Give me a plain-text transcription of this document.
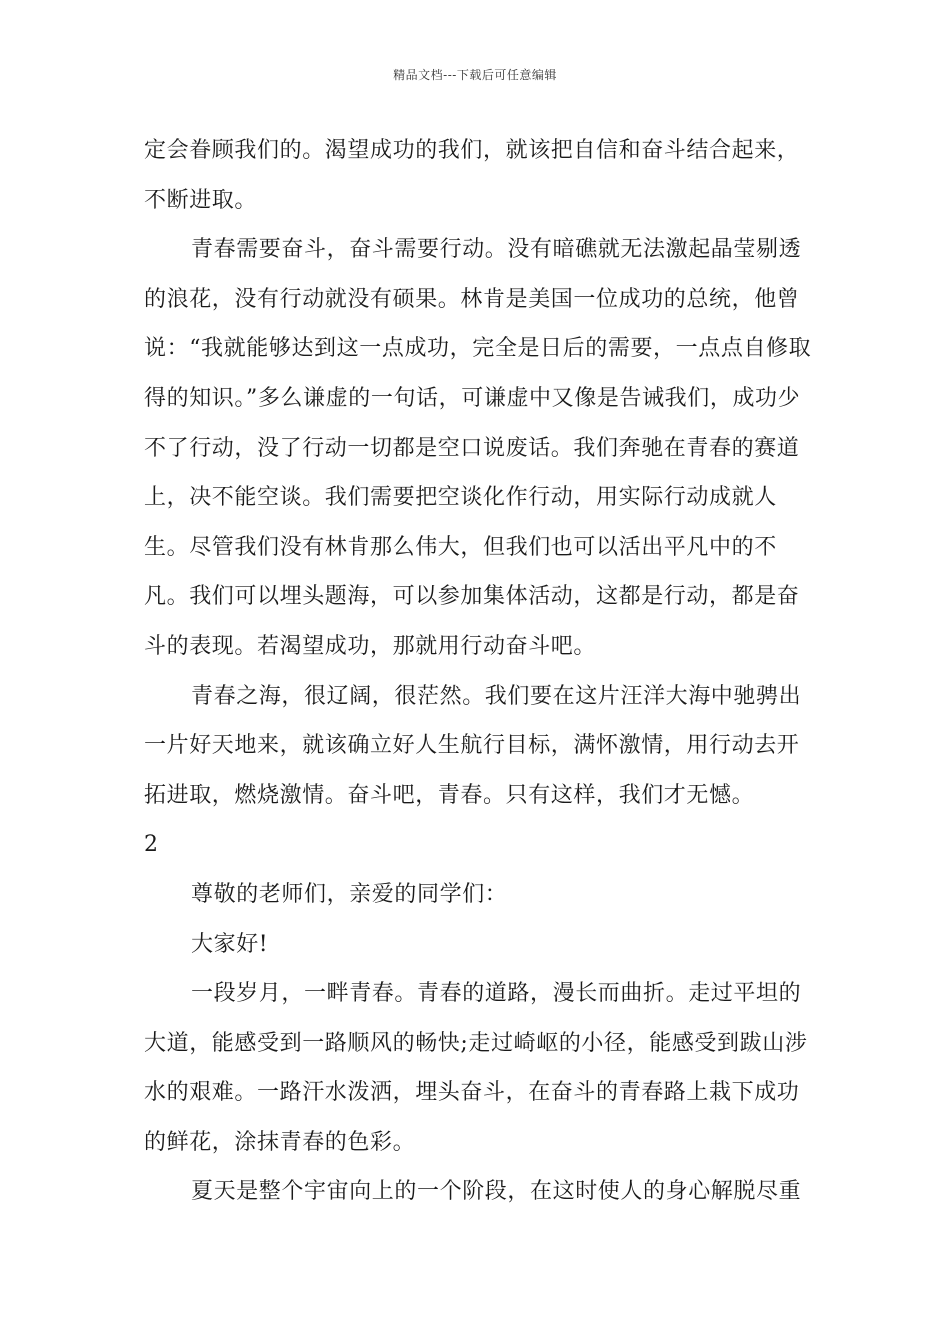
精品文档---下载后可任意编辑

定会眷顾我们的。渴望成功的我们，就该把自信和奋斗结合起来，不断进取。

青春需要奋斗，奋斗需要行动。没有暗礁就无法激起晶莹剔透的浪花，没有行动就没有硕果。林肯是美国一位成功的总统，他曾说：“我就能够达到这一点成功，完全是日后的需要，一点点自修取得的知识。”多么谦虚的一句话，可谦虚中又像是告诫我们，成功少不了行动，没了行动一切都是空口说废话。我们奔驰在青春的赛道上，决不能空谈。我们需要把空谈化作行动，用实际行动成就人生。尽管我们没有林肯那么伟大，但我们也可以活出平凡中的不凡。我们可以埋头题海，可以参加集体活动，这都是行动，都是奋斗的表现。若渴望成功，那就用行动奋斗吧。

青春之海，很辽阔，很茫然。我们要在这片汪洋大海中驰骋出一片好天地来，就该确立好人生航行目标，满怀激情，用行动去开拓进取，燃烧激情。奋斗吧，青春。只有这样，我们才无憾。

2

尊敬的老师们，亲爱的同学们：

大家好!

一段岁月，一畔青春。青春的道路，漫长而曲折。走过平坦的大道，能感受到一路顺风的畅快;走过崎岖的小径，能感受到跋山涉水的艰难。一路汗水泼洒，埋头奋斗，在奋斗的青春路上栽下成功的鲜花，涂抹青春的色彩。

夏天是整个宇宙向上的一个阶段，在这时使人的身心解脱尽重
